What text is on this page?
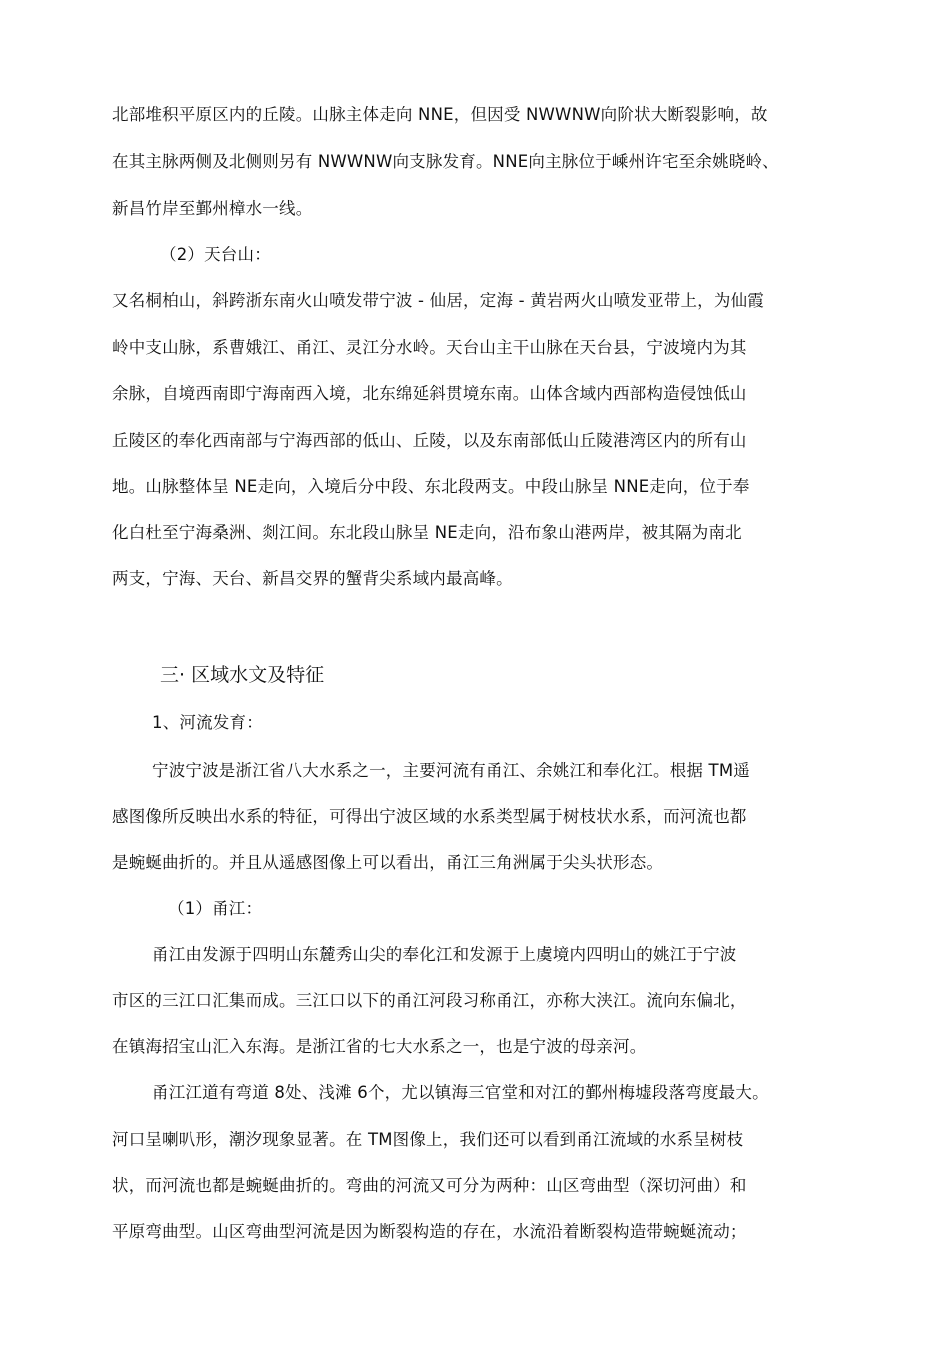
北部堆积平原区内的丘陵。山脉主体走向 NNE，但因受 NWWNW向阶状大断裂影响，故
在其主脉两侧及北侧则另有 NWWNW向支脉发育。NNE向主脉位于嵊州许宅至余姚晓岭、
新昌竹岸至鄞州樟水一线。
（2）天台山：
又名桐柏山，斜跨浙东南火山喷发带宁波 - 仙居，定海 - 黄岩两火山喷发亚带上，为仙霞
岭中支山脉，系曹娥江、甬江、灵江分水岭。天台山主干山脉在天台县，宁波境内为其
余脉，自境西南即宁海南西入境，北东绵延斜贯境东南。山体含域内西部构造侵蚀低山
丘陵区的奉化西南部与宁海西部的低山、丘陵，以及东南部低山丘陵港湾区内的所有山
地。山脉整体呈 NE走向，入境后分中段、东北段两支。中段山脉呈 NNE走向，位于奉
化白杜至宁海桑洲、剡江间。东北段山脉呈 NE走向，沿布象山港两岸，被其隔为南北
两支，宁海、天台、新昌交界的蟹背尖系域内最高峰。
三· 区域水文及特征
1、河流发育：
宁波宁波是浙江省八大水系之一，主要河流有甬江、余姚江和奉化江。根据 TM遥
感图像所反映出水系的特征，可得出宁波区域的水系类型属于树枝状水系，而河流也都
是蜿蜒曲折的。并且从遥感图像上可以看出，甬江三角洲属于尖头状形态。
（1）甬江：
甬江由发源于四明山东麓秀山尖的奉化江和发源于上虞境内四明山的姚江于宁波
市区的三江口汇集而成。三江口以下的甬江河段习称甬江，亦称大浃江。流向东偏北，
在镇海招宝山汇入东海。是浙江省的七大水系之一，也是宁波的母亲河。
甬江江道有弯道 8处、浅滩 6个，尤以镇海三官堂和对江的鄞州梅墟段落弯度最大。
河口呈喇叭形，潮汐现象显著。在 TM图像上，我们还可以看到甬江流域的水系呈树枝
状，而河流也都是蜿蜒曲折的。弯曲的河流又可分为两种：山区弯曲型（深切河曲）和
平原弯曲型。山区弯曲型河流是因为断裂构造的存在，水流沿着断裂构造带蜿蜒流动；
